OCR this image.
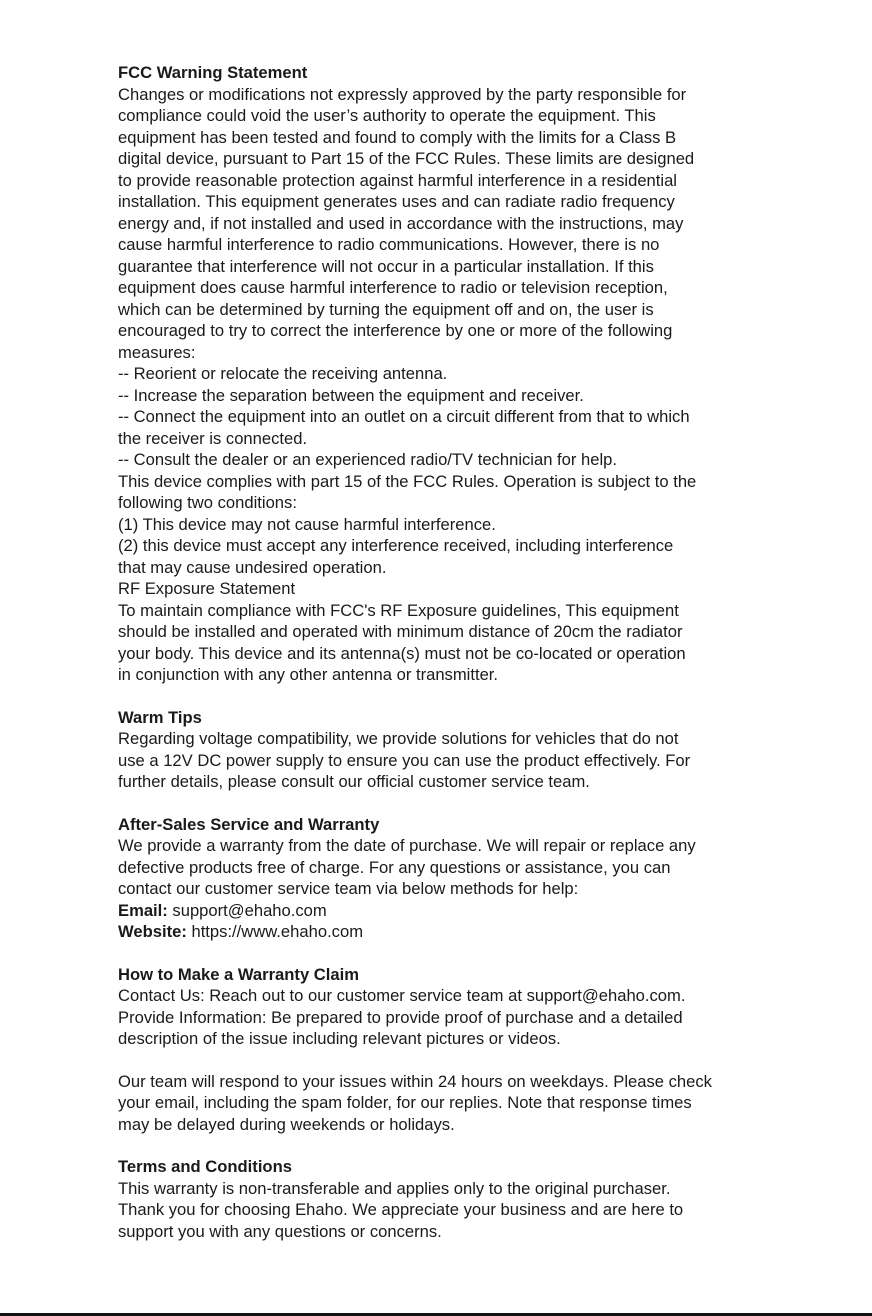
FCC Warning Statement

Changes or modifications not expressly approved by the party responsible for
compliance could void the user’s authority to operate the equipment. This
equipment has been tested and found to comply with the limits for a Class B
digital device, pursuant to Part 15 of the FCC Rules. These limits are designed
to provide reasonable protection against harmful interference in a residential
installation. This equipment generates uses and can radiate radio frequency
energy and, if not installed and used in accordance with the instructions, may
cause harmful interference to radio communications. However, there is no
guarantee that interference will not occur in a particular installation. If this
equipment does cause harmful interference to radio or television reception,
which can be determined by turning the equipment off and on, the user is
encouraged to try to correct the interference by one or more of the following
measures:
-- Reorient or relocate the receiving antenna.
-- Increase the separation between the equipment and receiver.
-- Connect the equipment into an outlet on a circuit different from that to which
the receiver is connected.
-- Consult the dealer or an experienced radio/TV technician for help.
This device complies with part 15 of the FCC Rules. Operation is subject to the
following two conditions:
(1) This device may not cause harmful interference.
(2) this device must accept any interference received, including interference
that may cause undesired operation.
RF Exposure Statement
To maintain compliance with FCC's RF Exposure guidelines, This equipment
should be installed and operated with minimum distance of 20cm the radiator
your body. This device and its antenna(s) must not be co-located or operation
in conjunction with any other antenna or transmitter.

Warm Tips

Regarding voltage compatibility, we provide solutions for vehicles that do not
use a 12V DC power supply to ensure you can use the product effectively. For
further details, please consult our official customer service team.

After-Sales Service and Warranty

We provide a warranty from the date of purchase. We will repair or replace any
defective products free of charge. For any questions or assistance, you can
contact our customer service team via below methods for help:
Email: support@ehaho.com
Website: https://www.ehaho.com

How to Make a Warranty Claim

Contact Us: Reach out to our customer service team at support@ehaho.com.
Provide Information: Be prepared to provide proof of purchase and a detailed
description of the issue including relevant pictures or videos.

Our team will respond to your issues within 24 hours on weekdays. Please check
your email, including the spam folder, for our replies. Note that response times
may be delayed during weekends or holidays.

Terms and Conditions

This warranty is non-transferable and applies only to the original purchaser.
Thank you for choosing Ehaho. We appreciate your business and are here to
support you with any questions or concerns.
